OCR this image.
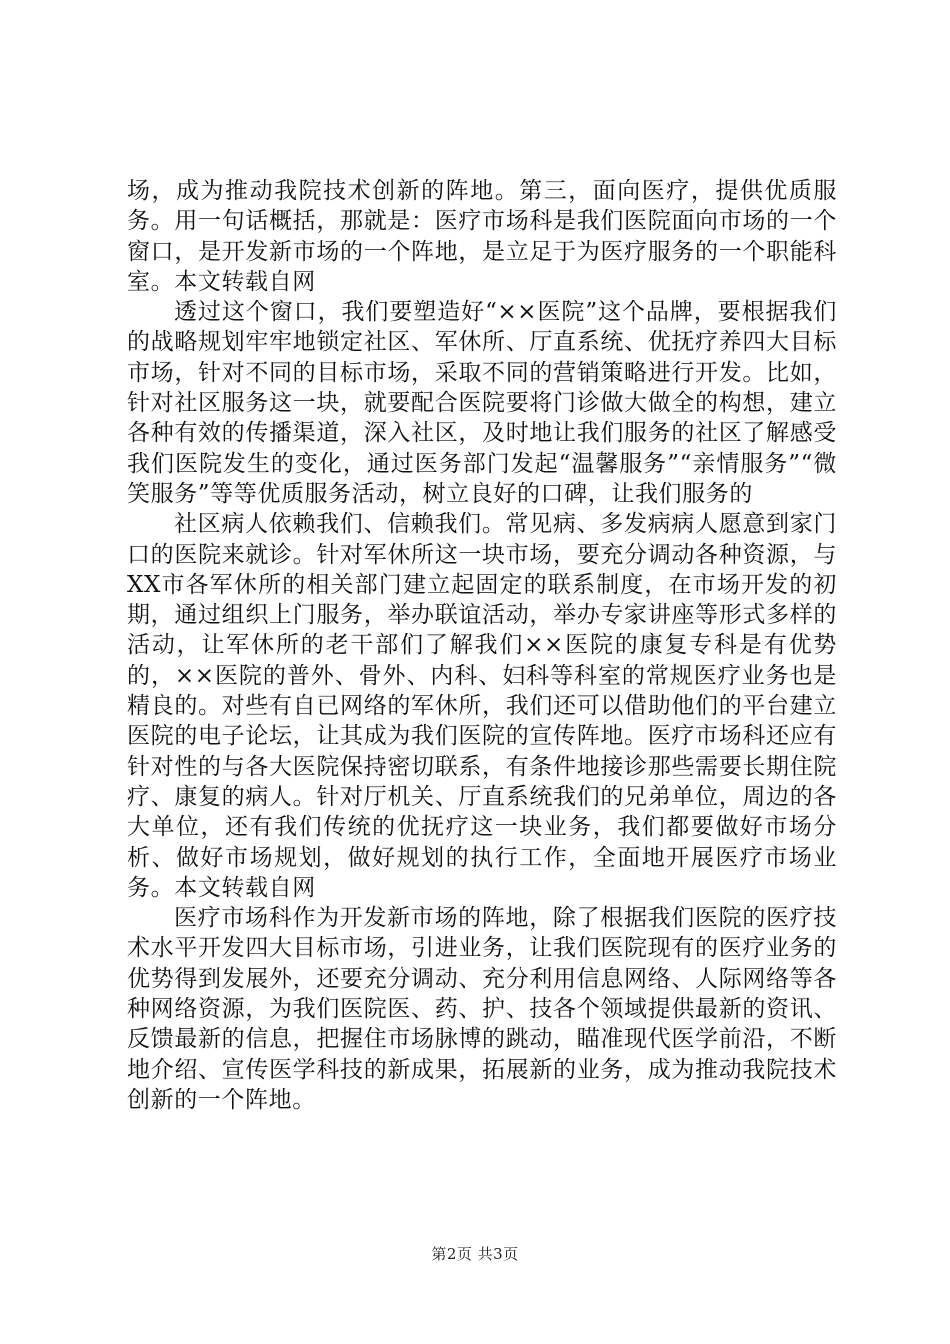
场，成为推动我院技术创新的阵地。第三，面向医疗，提供优质服务。用一句话概括，那就是：医疗市场科是我们医院面向市场的一个窗口，是开发新市场的一个阵地，是立足于为医疗服务的一个职能科室。本文转载自网

透过这个窗口，我们要塑造好“××医院”这个品牌，要根据我们的战略规划牢牢地锁定社区、军休所、厅直系统、优抚疗养四大目标市场，针对不同的目标市场，采取不同的营销策略进行开发。比如，针对社区服务这一块，就要配合医院要将门诊做大做全的构想，建立各种有效的传播渠道，深入社区，及时地让我们服务的社区了解感受我们医院发生的变化，通过医务部门发起“温馨服务”“亲情服务”“微笑服务”等等优质服务活动，树立良好的口碑，让我们服务的

社区病人依赖我们、信赖我们。常见病、多发病病人愿意到家门口的医院来就诊。针对军休所这一块市场，要充分调动各种资源，与XX市各军休所的相关部门建立起固定的联系制度，在市场开发的初期，通过组织上门服务，举办联谊活动，举办专家讲座等形式多样的活动，让军休所的老干部们了解我们××医院的康复专科是有优势的，××医院的普外、骨外、内科、妇科等科室的常规医疗业务也是精良的。对些有自已网络的军休所，我们还可以借助他们的平台建立医院的电子论坛，让其成为我们医院的宣传阵地。医疗市场科还应有针对性的与各大医院保持密切联系，有条件地接诊那些需要长期住院疗、康复的病人。针对厅机关、厅直系统我们的兄弟单位，周边的各大单位，还有我们传统的优抚疗这一块业务，我们都要做好市场分析、做好市场规划，做好规划的执行工作，全面地开展医疗市场业务。本文转载自网

医疗市场科作为开发新市场的阵地，除了根据我们医院的医疗技术水平开发四大目标市场，引进业务，让我们医院现有的医疗业务的优势得到发展外，还要充分调动、充分利用信息网络、人际网络等各种网络资源，为我们医院医、药、护、技各个领域提供最新的资讯、反馈最新的信息，把握住市场脉博的跳动，瞄准现代医学前沿，不断地介绍、宣传医学科技的新成果，拓展新的业务，成为推动我院技术创新的一个阵地。

第2页 共3页
